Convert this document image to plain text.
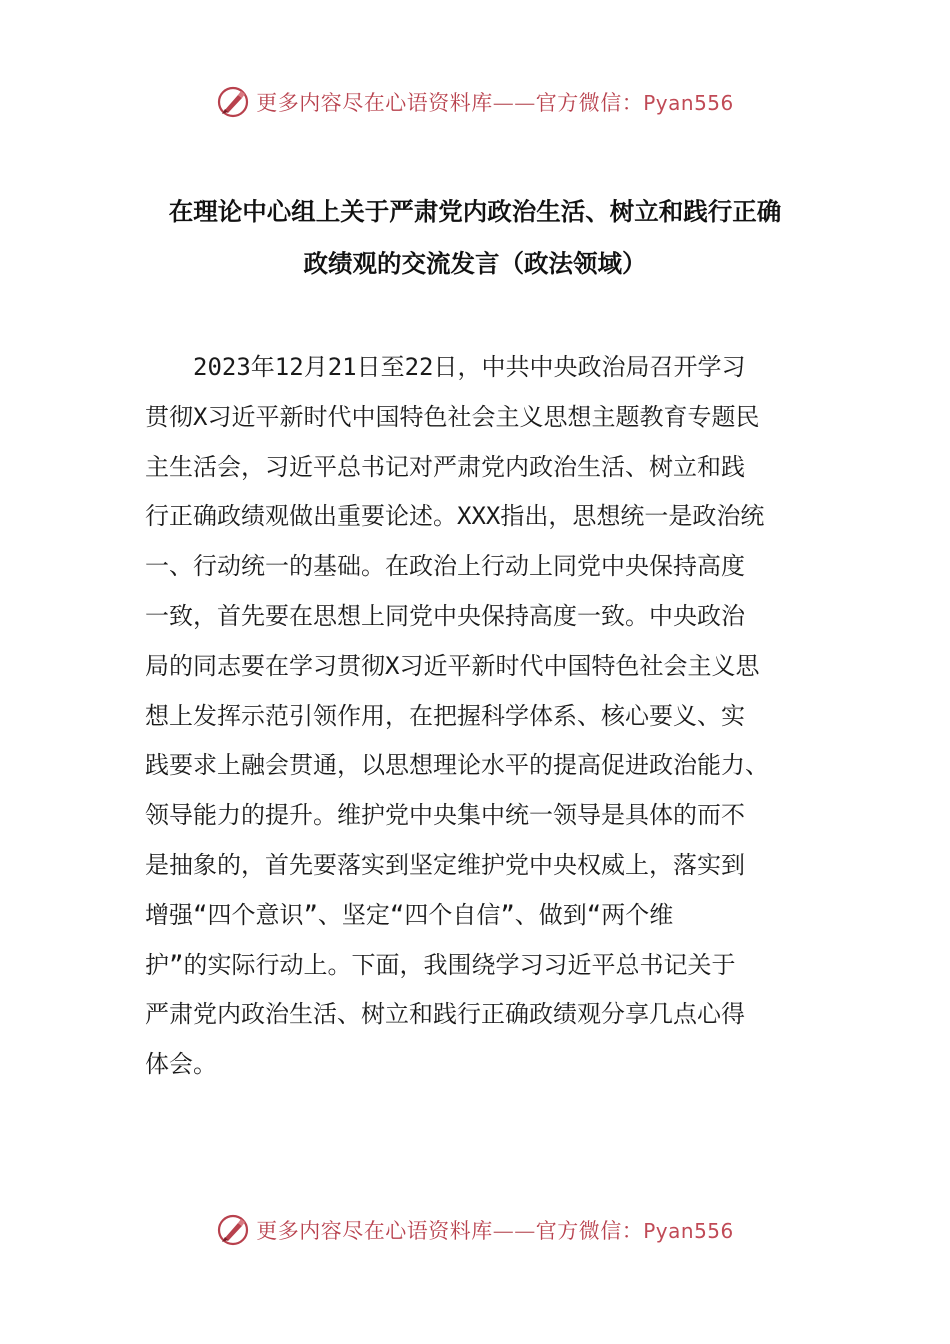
更多内容尽在心语资料库——官方微信：Pyan556
在理论中心组上关于严肃党内政治生活、树立和践行正确
政绩观的交流发言（政法领域）
　　2023年12月21日至22日，中共中央政治局召开学习
贯彻X习近平新时代中国特色社会主义思想主题教育专题民
主生活会，习近平总书记对严肃党内政治生活、树立和践
行正确政绩观做出重要论述。XXX指出，思想统一是政治统
一、行动统一的基础。在政治上行动上同党中央保持高度
一致，首先要在思想上同党中央保持高度一致。中央政治
局的同志要在学习贯彻X习近平新时代中国特色社会主义思
想上发挥示范引领作用，在把握科学体系、核心要义、实
践要求上融会贯通，以思想理论水平的提高促进政治能力、
领导能力的提升。维护党中央集中统一领导是具体的而不
是抽象的，首先要落实到坚定维护党中央权威上，落实到
增强“四个意识”、坚定“四个自信”、做到“两个维
护”的实际行动上。下面，我围绕学习习近平总书记关于
严肃党内政治生活、树立和践行正确政绩观分享几点心得
体会。
更多内容尽在心语资料库——官方微信：Pyan556
